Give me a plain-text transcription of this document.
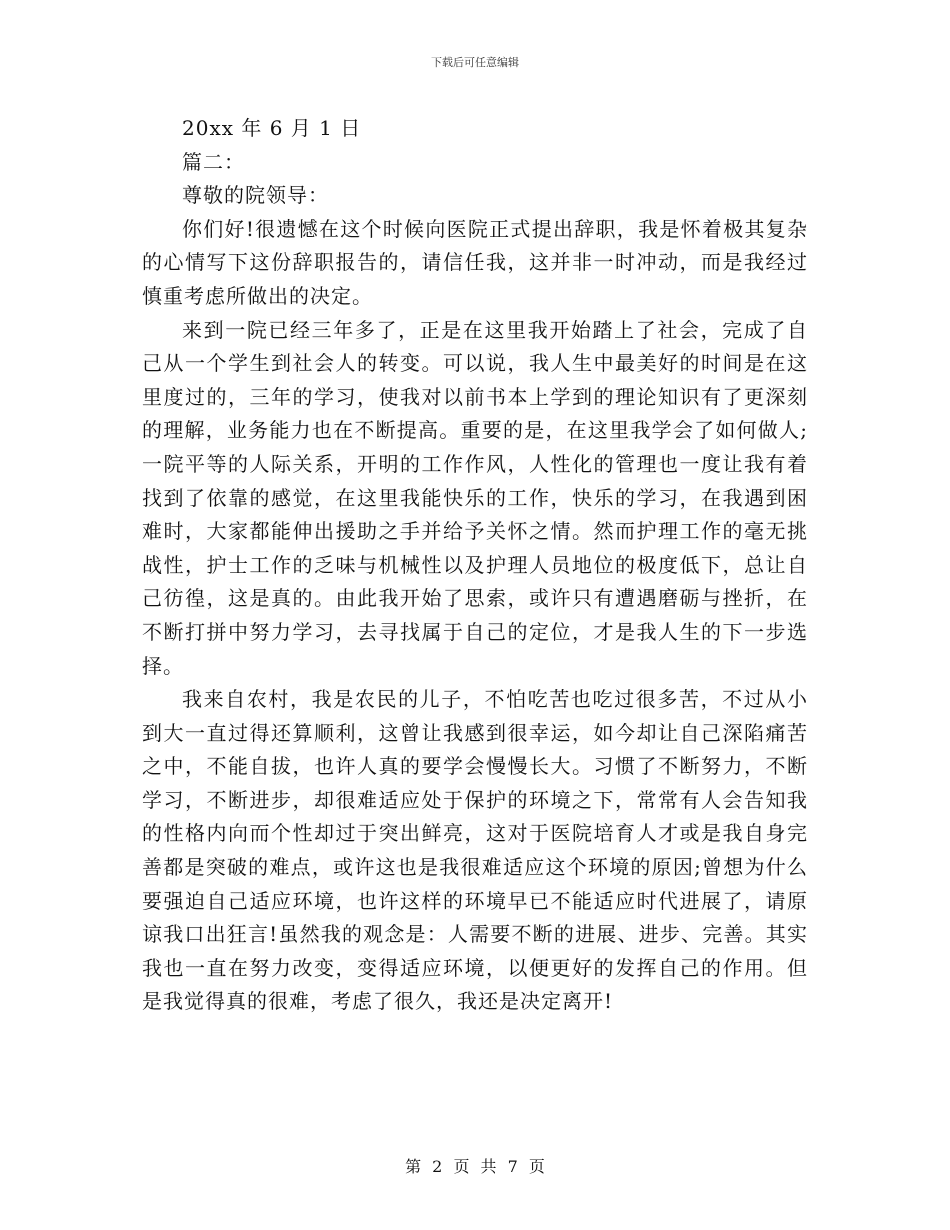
下载后可任意编辑

20xx 年 6 月 1 日

篇二：

尊敬的院领导：

你们好!很遗憾在这个时候向医院正式提出辞职，我是怀着极其复杂的心情写下这份辞职报告的，请信任我，这并非一时冲动，而是我经过慎重考虑所做出的决定。

来到一院已经三年多了，正是在这里我开始踏上了社会，完成了自己从一个学生到社会人的转变。可以说，我人生中最美好的时间是在这里度过的，三年的学习，使我对以前书本上学到的理论知识有了更深刻的理解，业务能力也在不断提高。重要的是，在这里我学会了如何做人;一院平等的人际关系，开明的工作作风，人性化的管理也一度让我有着找到了依靠的感觉，在这里我能快乐的工作，快乐的学习，在我遇到困难时，大家都能伸出援助之手并给予关怀之情。然而护理工作的毫无挑战性，护士工作的乏味与机械性以及护理人员地位的极度低下，总让自己彷徨，这是真的。由此我开始了思索，或许只有遭遇磨砺与挫折，在不断打拼中努力学习，去寻找属于自己的定位，才是我人生的下一步选择。

我来自农村，我是农民的儿子，不怕吃苦也吃过很多苦，不过从小到大一直过得还算顺利，这曾让我感到很幸运，如今却让自己深陷痛苦之中，不能自拔，也许人真的要学会慢慢长大。习惯了不断努力，不断学习，不断进步，却很难适应处于保护的环境之下，常常有人会告知我的性格内向而个性却过于突出鲜亮，这对于医院培育人才或是我自身完善都是突破的难点，或许这也是我很难适应这个环境的原因;曾想为什么要强迫自己适应环境，也许这样的环境早已不能适应时代进展了，请原谅我口出狂言!虽然我的观念是：人需要不断的进展、进步、完善。其实我也一直在努力改变，变得适应环境，以便更好的发挥自己的作用。但是我觉得真的很难，考虑了很久，我还是决定离开!

第 2 页 共 7 页
